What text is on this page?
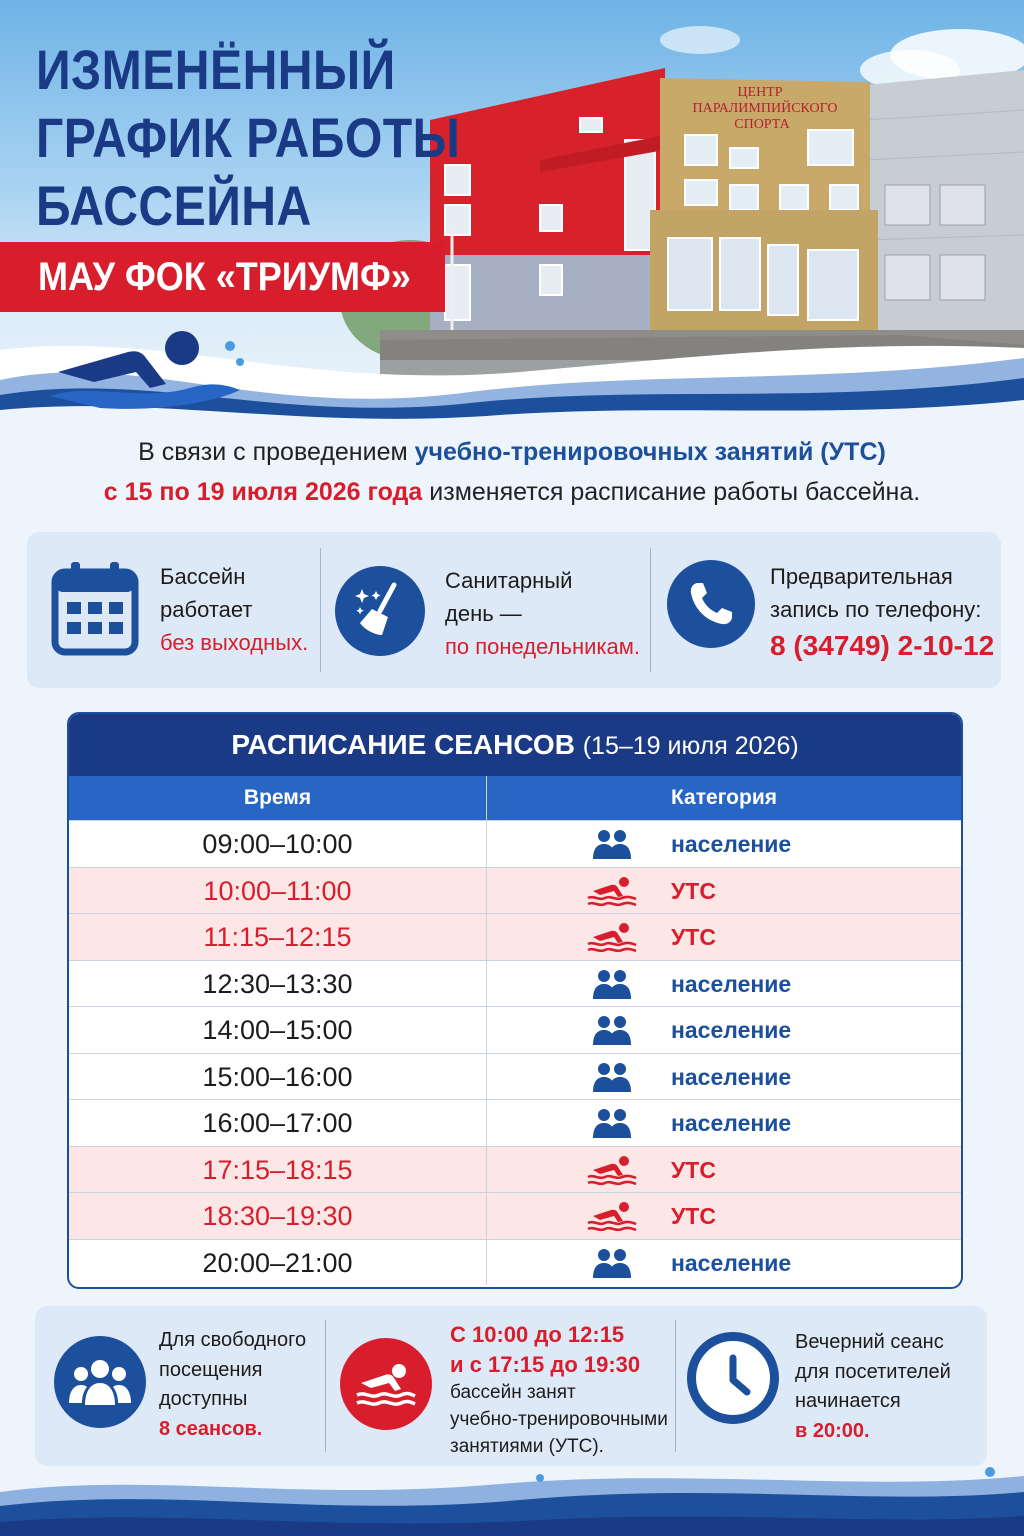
ЦЕНТР
ПАРАЛИМПИЙСКОГО
СПОРТА
ИЗМЕНЁННЫЙ
ГРАФИК РАБОТЫ
БАССЕЙНА
МАУ ФОК «ТРИУМФ»
В связи с проведением учебно-тренировочных занятий (УТС)
с 15 по 19 июля 2026 года изменяется расписание работы бассейна.
Бассейн
работает
без выходных.
Санитарный
день —
по понедельникам.
Предварительная
запись по телефону:
8 (34749) 2-10-12
РАСПИСАНИЕ СЕАНСОВ (15–19 июля 2026)
Время	Категория
09:00–10:00	население
10:00–11:00	УТС
11:15–12:15	УТС
12:30–13:30	население
14:00–15:00	население
15:00–16:00	население
16:00–17:00	население
17:15–18:15	УТС
18:30–19:30	УТС
20:00–21:00	население
Для свободного
посещения
доступны
8 сеансов.
С 10:00 до 12:15
и с 17:15 до 19:30
бассейн занят
учебно-тренировочными
занятиями (УТС).
Вечерний сеанс
для посетителей
начинается
в 20:00.
